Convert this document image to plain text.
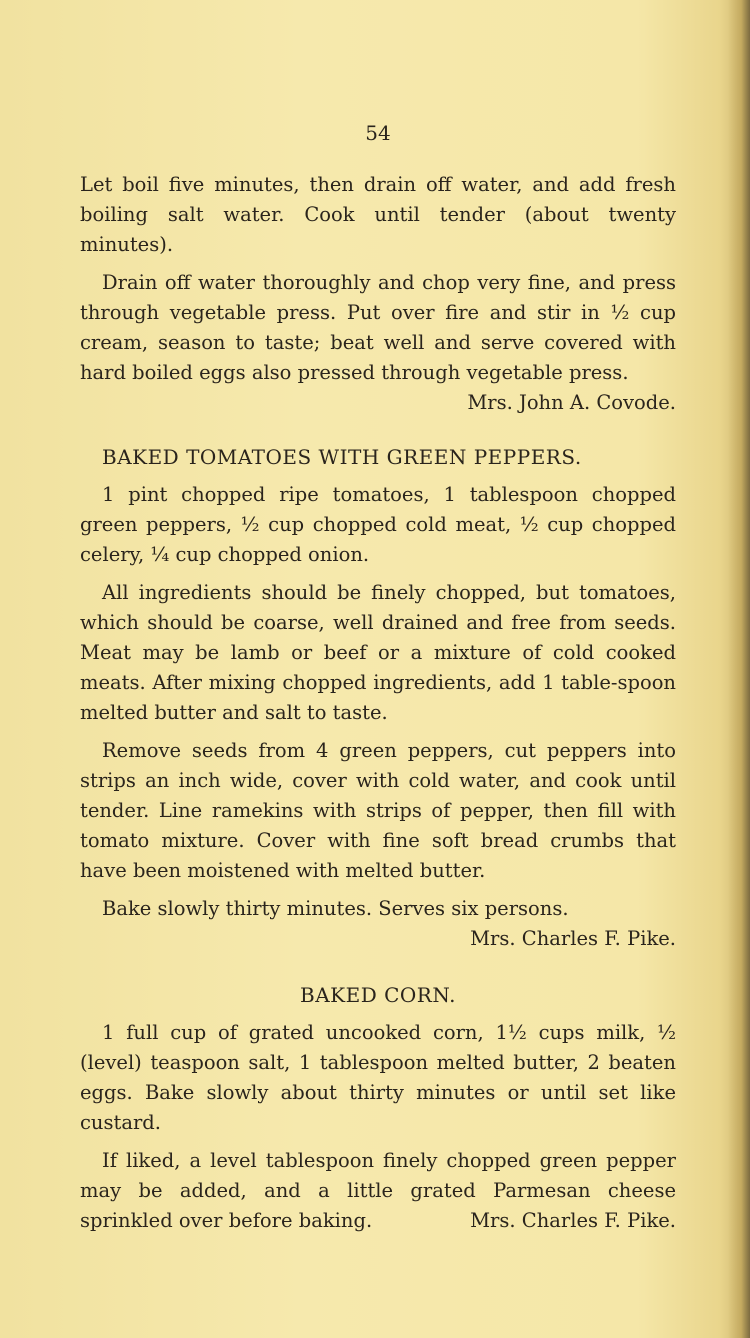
54

Let boil five minutes, then drain off water, and add fresh boiling salt water. Cook until tender (about twenty minutes).

Drain off water thoroughly and chop very fine, and press through vegetable press. Put over fire and stir in ½ cup cream, season to taste; beat well and serve covered with hard boiled eggs also pressed through vegetable press.
Mrs. John A. Covode.

BAKED TOMATOES WITH GREEN PEPPERS.

1 pint chopped ripe tomatoes, 1 tablespoon chopped green peppers, ½ cup chopped cold meat, ½ cup chopped celery, ¼ cup chopped onion.

All ingredients should be finely chopped, but tomatoes, which should be coarse, well drained and free from seeds. Meat may be lamb or beef or a mixture of cold cooked meats. After mixing chopped ingredients, add 1 table-spoon melted butter and salt to taste.

Remove seeds from 4 green peppers, cut peppers into strips an inch wide, cover with cold water, and cook until tender. Line ramekins with strips of pepper, then fill with tomato mixture. Cover with fine soft bread crumbs that have been moistened with melted butter.

Bake slowly thirty minutes. Serves six persons.

Mrs. Charles F. Pike.
BAKED CORN.

1 full cup of grated uncooked corn, 1½ cups milk, ½ (level) teaspoon salt, 1 tablespoon melted butter, 2 beaten eggs. Bake slowly about thirty minutes or until set like custard.

If liked, a level tablespoon finely chopped green pepper may be added, and a little grated Parmesan cheese sprinkled over before baking.	Mrs. Charles F. Pike.
